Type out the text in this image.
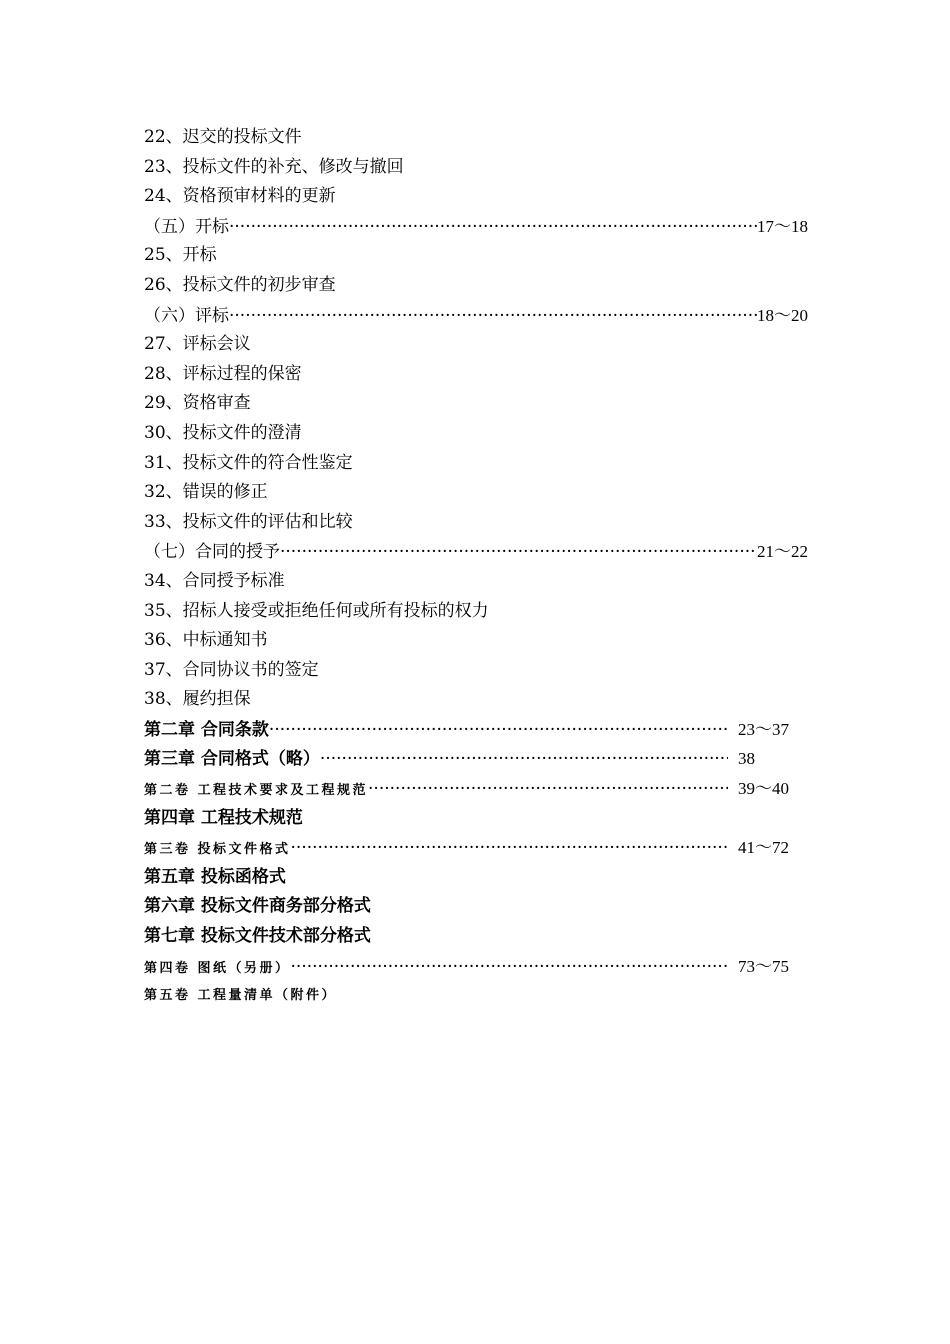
22、迟交的投标文件
23、投标文件的补充、修改与撤回
24、资格预审材料的更新
（五）开标 ·····	17～18
25、开标
26、投标文件的初步审查
（六）评标 ·····	18～20
27、评标会议
28、评标过程的保密
29、资格审查
30、投标文件的澄清
31、投标文件的符合性鉴定
32、错误的修正
33、投标文件的评估和比较
（七）合同的授予 ·····	21～22
34、合同授予标准
35、招标人接受或拒绝任何或所有投标的权力
36、中标通知书
37、合同协议书的签定
38、履约担保
第二章 合同条款 ·····	23～37
第三章 合同格式（略） ·····	38
第二卷 工程技术要求及工程规范 ·····	39～40
第四章 工程技术规范
第三卷 投标文件格式 ·····	41～72
第五章 投标函格式
第六章 投标文件商务部分格式
第七章 投标文件技术部分格式
第四卷 图纸（另册） ·····	73～75
第五卷 工程量清单（附件）
